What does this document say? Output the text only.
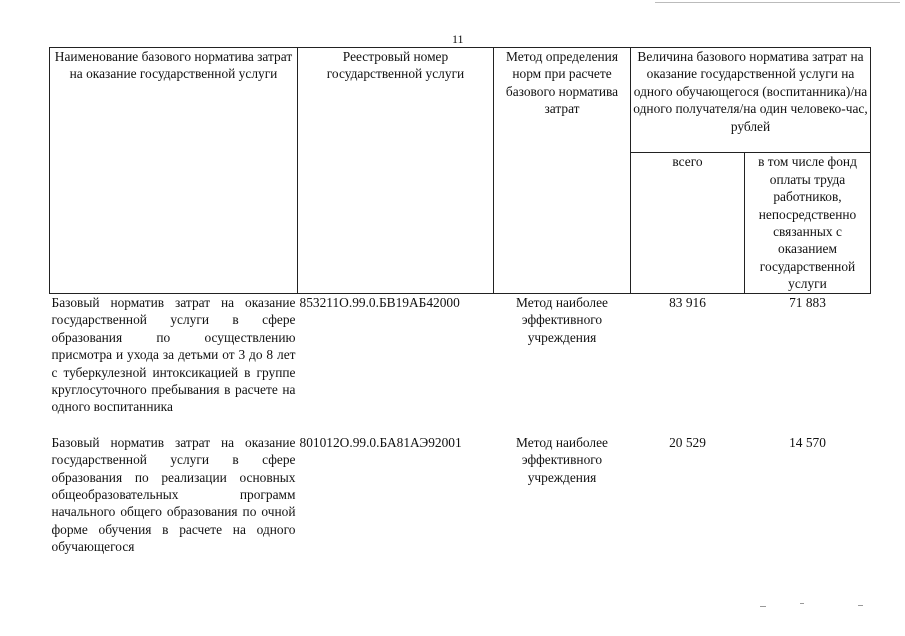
11
Наименование базового норматива затрат на оказание государственной услуги	Реестровый номер государственной услуги	Метод определения норм при расчете базового норматива затрат	Величина базового норматива затрат на оказание государственной услуги на одного обучающегося (воспитанника)/на одного получателя/на один человеко-час, рублей	
			всего	в том числе фонд оплаты труда работников, непосредственно связанных с оказанием государственной услуги
Базовый норматив затрат на оказание государственной услуги в сфере образования по осуществлению присмотра и ухода за детьми от 3 до 8 лет с туберкулезной интоксикацией в группе круглосуточного пребывания в расчете на одного воспитанника	853211О.99.0.БВ19АБ42000	Метод наиболее эффективного учреждения	83 916	71 883

Базовый норматив затрат на оказание государственной услуги в сфере образования по реализации основных общеобразовательных программ начального общего образования по очной форме обучения в расчете на одного обучающегося	801012О.99.0.БА81АЭ92001	Метод наиболее эффективного учреждения	20 529	14 570
